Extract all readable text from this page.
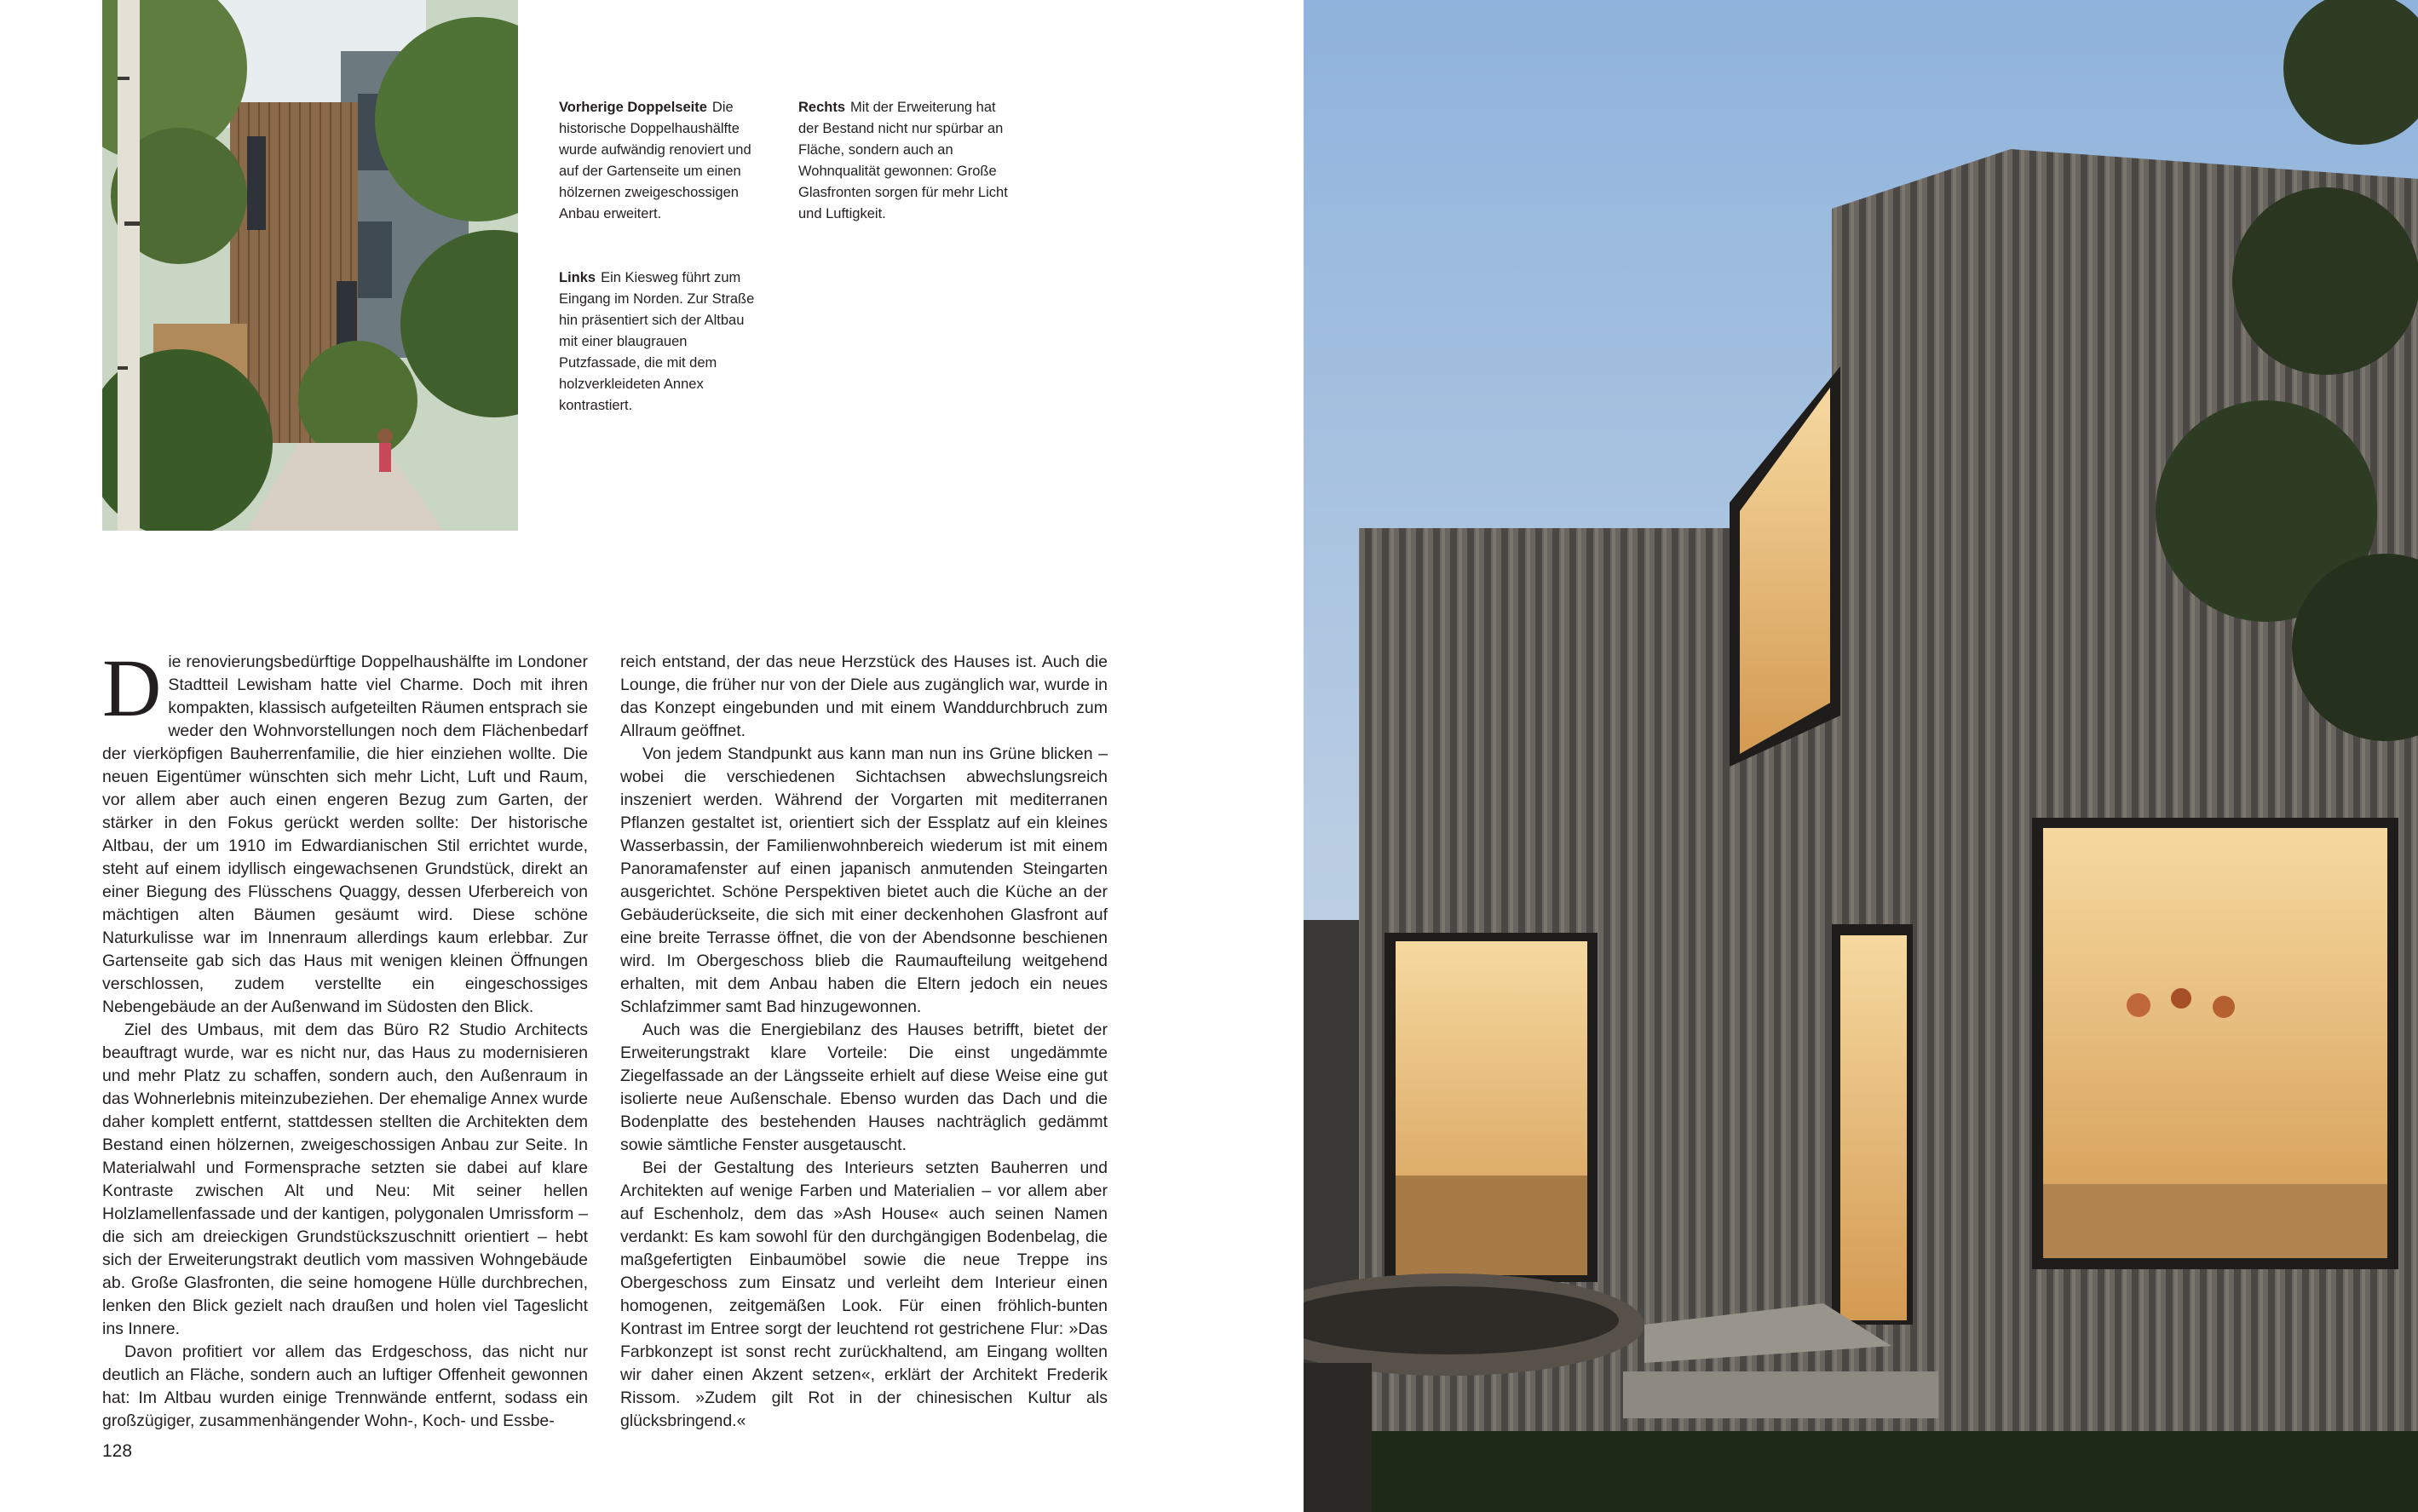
Vorherige Doppelseite Die historische Doppelhaushälfte wurde aufwändig renoviert und auf der Gartenseite um einen hölzernen zweigeschossigen Anbau erweitert.
Rechts Mit der Erweiterung hat der Bestand nicht nur spürbar an Fläche, sondern auch an Wohnqualität gewonnen: Große Glasfronten sorgen für mehr Licht und Luftigkeit.
Links Ein Kiesweg führt zum Eingang im Norden. Zur Straße hin präsentiert sich der Altbau mit einer blaugrauen Putzfassade, die mit dem holzverkleideten Annex kontrastiert.

Die renovierungsbedürftige Doppelhaushälfte im Londoner Stadtteil Lewisham hatte viel Charme. Doch mit ihren kompakten, klassisch aufgeteilten Räumen entsprach sie weder den Wohnvorstellungen noch dem Flächenbedarf der vierköpfigen Bauherrenfamilie, die hier einziehen wollte. Die neuen Eigentümer wünschten sich mehr Licht, Luft und Raum, vor allem aber auch einen engeren Bezug zum Garten, der stärker in den Fokus gerückt werden sollte: Der historische Altbau, der um 1910 im Edwardianischen Stil errichtet wurde, steht auf einem idyllisch eingewachsenen Grundstück, direkt an einer Biegung des Flüsschens Quaggy, dessen Uferbereich von mächtigen alten Bäumen gesäumt wird. Diese schöne Naturkulisse war im Innenraum allerdings kaum erlebbar. Zur Gartenseite gab sich das Haus mit wenigen kleinen Öffnungen verschlossen, zudem verstellte ein eingeschossiges Nebengebäude an der Außenwand im Südosten den Blick.

Ziel des Umbaus, mit dem das Büro R2 Studio Architects beauftragt wurde, war es nicht nur, das Haus zu modernisieren und mehr Platz zu schaffen, sondern auch, den Außenraum in das Wohnerlebnis miteinzubeziehen. Der ehemalige Annex wurde daher komplett entfernt, stattdessen stellten die Architekten dem Bestand einen hölzernen, zweigeschossigen Anbau zur Seite. In Materialwahl und Formensprache setzten sie dabei auf klare Kontraste zwischen Alt und Neu: Mit seiner hellen Holzlamellenfassade und der kantigen, polygonalen Umrissform – die sich am dreieckigen Grundstückszuschnitt orientiert – hebt sich der Erweiterungstrakt deutlich vom massiven Wohngebäude ab. Große Glasfronten, die seine homogene Hülle durchbrechen, lenken den Blick gezielt nach draußen und holen viel Tageslicht ins Innere.

Davon profitiert vor allem das Erdgeschoss, das nicht nur deutlich an Fläche, sondern auch an luftiger Offenheit gewonnen hat: Im Altbau wurden einige Trennwände entfernt, sodass ein großzügiger, zusammenhängender Wohn-, Koch- und Essbe-

reich entstand, der das neue Herzstück des Hauses ist. Auch die Lounge, die früher nur von der Diele aus zugänglich war, wurde in das Konzept eingebunden und mit einem Wanddurchbruch zum Allraum geöffnet.

Von jedem Standpunkt aus kann man nun ins Grüne blicken – wobei die verschiedenen Sichtachsen abwechslungsreich inszeniert werden. Während der Vorgarten mit mediterranen Pflanzen gestaltet ist, orientiert sich der Essplatz auf ein kleines Wasserbassin, der Familienwohnbereich wiederum ist mit einem Panoramafenster auf einen japanisch anmutenden Steingarten ausgerichtet. Schöne Perspektiven bietet auch die Küche an der Gebäuderückseite, die sich mit einer deckenhohen Glasfront auf eine breite Terrasse öffnet, die von der Abendsonne beschienen wird. Im Obergeschoss blieb die Raumaufteilung weitgehend erhalten, mit dem Anbau haben die Eltern jedoch ein neues Schlafzimmer samt Bad hinzugewonnen.

Auch was die Energiebilanz des Hauses betrifft, bietet der Erweiterungstrakt klare Vorteile: Die einst ungedämmte Ziegelfassade an der Längsseite erhielt auf diese Weise eine gut isolierte neue Außenschale. Ebenso wurden das Dach und die Bodenplatte des bestehenden Hauses nachträglich gedämmt sowie sämtliche Fenster ausgetauscht.

Bei der Gestaltung des Interieurs setzten Bauherren und Architekten auf wenige Farben und Materialien – vor allem aber auf Eschenholz, dem das »Ash House« auch seinen Namen verdankt: Es kam sowohl für den durchgängigen Bodenbelag, die maßgefertigten Einbaumöbel sowie die neue Treppe ins Obergeschoss zum Einsatz und verleiht dem Interieur einen homogenen, zeitgemäßen Look. Für einen fröhlich-bunten Kontrast im Entree sorgt der leuchtend rot gestrichene Flur: »Das Farbkonzept ist sonst recht zurückhaltend, am Eingang wollten wir daher einen Akzent setzen«, erklärt der Architekt Frederik Rissom. »Zudem gilt Rot in der chinesischen Kultur als glücksbringend.«

128
